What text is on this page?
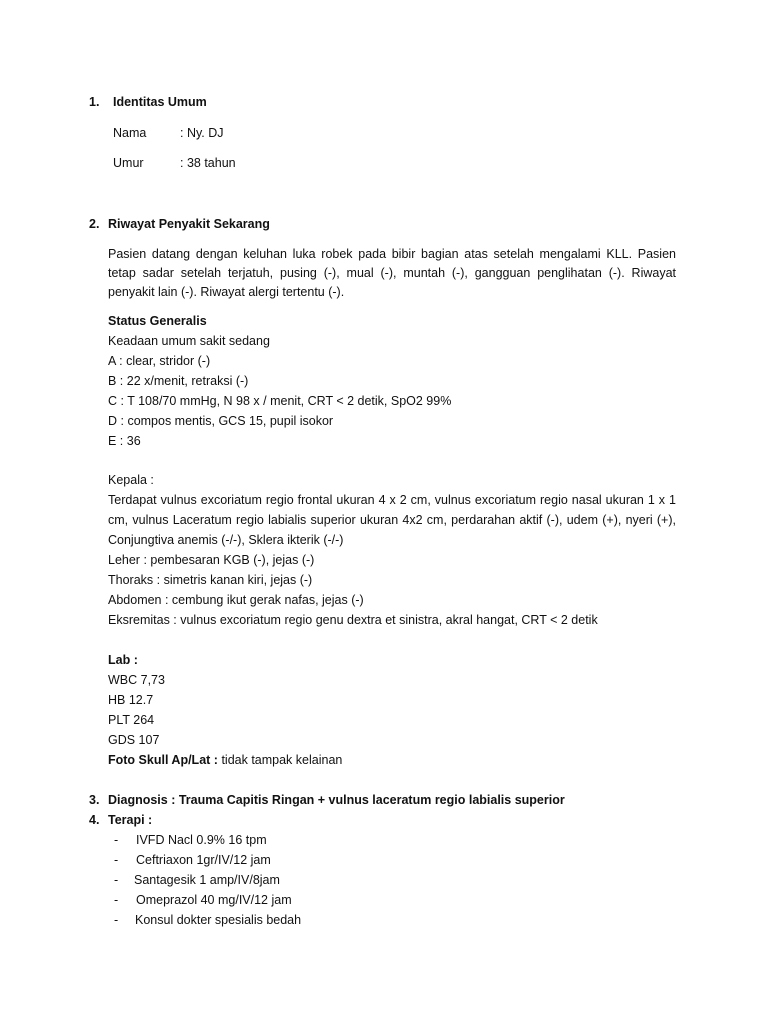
1. Identitas Umum
Nama	: Ny. DJ
Umur	: 38 tahun
2. Riwayat Penyakit Sekarang
Pasien datang dengan keluhan luka robek pada bibir bagian atas setelah mengalami KLL. Pasien tetap sadar setelah terjatuh, pusing (-), mual (-), muntah (-), gangguan penglihatan (-). Riwayat penyakit lain (-). Riwayat alergi tertentu (-).
Status Generalis
Keadaan umum sakit sedang
A : clear, stridor (-)
B : 22 x/menit, retraksi (-)
C : T 108/70 mmHg, N 98 x / menit, CRT < 2 detik, SpO2 99%
D : compos mentis, GCS 15, pupil isokor
E : 36
Kepala :
Terdapat vulnus excoriatum regio frontal ukuran 4 x 2 cm, vulnus excoriatum regio nasal ukuran 1 x 1
cm, vulnus Laceratum regio labialis superior ukuran 4x2 cm, perdarahan aktif (-), udem (+), nyeri (+),
Conjungtiva anemis (-/-), Sklera ikterik (-/-)
Leher : pembesaran KGB (-), jejas (-)
Thoraks : simetris kanan kiri, jejas (-)
Abdomen : cembung ikut gerak nafas, jejas (-)
Eksremitas : vulnus excoriatum regio genu dextra et sinistra, akral hangat, CRT < 2 detik
Lab :
WBC 7,73
HB 12.7
PLT 264
GDS 107
Foto Skull Ap/Lat : tidak tampak kelainan
3. Diagnosis : Trauma Capitis Ringan + vulnus laceratum regio labialis superior
4. Terapi :
- IVFD Nacl 0.9% 16 tpm
- Ceftriaxon 1gr/IV/12 jam
- Santagesik 1 amp/IV/8jam
- Omeprazol 40 mg/IV/12 jam
- Konsul dokter spesialis bedah
